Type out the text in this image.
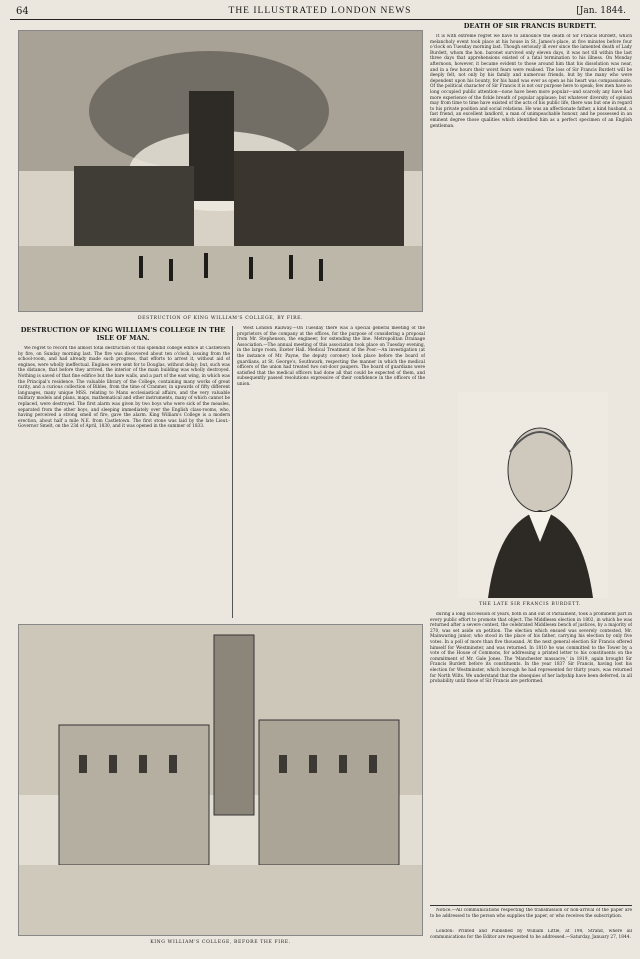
64	THE ILLUSTRATED LONDON NEWS	[Jan. 1844.
DESTRUCTION OF KING WILLIAM'S COLLEGE, BY FIRE.
DEATH OF SIR FRANCIS BURDETT.

It is with extreme regret we have to announce the death of Sir Francis Burdett, which melancholy event took place at his house in St. James's-place, at five minutes before four o'clock on Tuesday morning last. Though seriously ill ever since the lamented death of Lady Burdett, whom the hon. baronet survived only eleven days, it was not till within the last three days that apprehensions existed of a fatal termination to his illness. On Monday afternoon, however, it became evident to those around him that his dissolution was near, and in a few hours their worst fears were realised. The loss of Sir Francis Burdett will be deeply felt, not only by his family and numerous friends, but by the many who were dependent upon his bounty, for his hand was ever as open as his heart was compassionate. Of the political character of Sir Francis it is not our purpose here to speak; few men have so long occupied public attention—none have been more popular—and scarcely any have had more experience of the fickle breath of popular applause; but whatever diversity of opinion may from time to time have existed of the acts of his public life, there was but one in regard to his private position and social relations. He was an affectionate father, a kind husband, a fast friend, an excellent landlord, a man of unimpeachable honour, and he possessed in an eminent degree those qualities which identified him as a perfect specimen of an English gentleman.

THE LATE SIR FRANCIS BURDETT.
DESTRUCTION OF KING WILLIAM'S COLLEGE IN THE ISLE OF MAN.

We regret to record the almost total destruction of this splendid college edifice at Castletown by fire, on Sunday morning last. The fire was discovered about ten o'clock, issuing from the school-room, and had already made such progress, that efforts to arrest it, without aid of engines, were wholly ineffectual. Engines were sent for to Douglas, without delay; but, such was the distance, that before they arrived, the interior of the main building was wholly destroyed. Nothing is saved of that fine edifice but the bare walls, and a part of the east wing, in which was the Principal's residence. The valuable library of the College, containing many works of great rarity, and a curious collection of Bibles, from the time of Cranmer, in upwards of fifty different languages, many unique MSS. relating to Manx ecclesiastical affairs, and the very valuable military models and plans, maps, mathematical and other instruments, many of which cannot be replaced, were destroyed. The first alarm was given by two boys who were sick of the measles, separated from the other boys, and sleeping immediately over the English class-rooms, who, having perceived a strong smell of fire, gave the alarm. King William's College is a modern erection, about half a mile N.E. from Castletown. The first stone was laid by the late Lieut.-Governor Smelt, on the 23d of April, 1830, and it was opened in the summer of 1833.

West London Railway.—On Tuesday there was a special general meeting of the proprietors of the company at the offices, for the purpose of considering a proposal from Mr. Stephenson, the engineer, for extending the line. Metropolitan Drainage Association.—The annual meeting of this association took place on Tuesday evening, in the large room, Exeter Hall. Medical Treatment of the Poor.—An investigation (at the instance of Mr. Payne, the deputy coroner) took place before the board of guardians, at St. George's, Southwark, respecting the manner in which the medical officers of the union had treated two out-door paupers. The board of guardians were satisfied that the medical officers had done all that could be expected of them, and subsequently passed resolutions expressive of their confidence in the officers of the union.

KING WILLIAM'S COLLEGE, BEFORE THE FIRE.

during a long succession of years, both in and out of Parliament, took a prominent part in every public effort to promote that object. The Middlesex election in 1802, in which he was returned after a severe contest, the celebrated Middlesex bench of justices, by a majority of 270, was set aside on petition. The election which ensued was severely contested, Mr. Mainwaring junior, who stood in the place of his father, carrying his election by only five votes. In a poll of more than five thousand. At the next general election Sir Francis offered himself for Westminster, and was returned. In 1810 he was committed to the Tower by a vote of the House of Commons, for addressing a printed letter to his constituents on the commitment of Mr. Gale Jones. The 'Manchester massacre,' in 1819, again brought Sir Francis Burdett before its constituents. In the year 1837 Sir Francis, having lost his election for Westminster, which borough he had represented for thirty years, was returned for North Wilts. We understand that the obsequies of her ladyship have been deferred, in all probability until those of Sir Francis are performed.

Notice.—All communications respecting the transmission or non-arrival of the paper are to be addressed to the person who supplies the paper, or who receives the subscription.

London: Printed and Published by William Little, at 198, Strand, where all communications for the Editor are requested to be addressed.—Saturday, January 27, 1844.
